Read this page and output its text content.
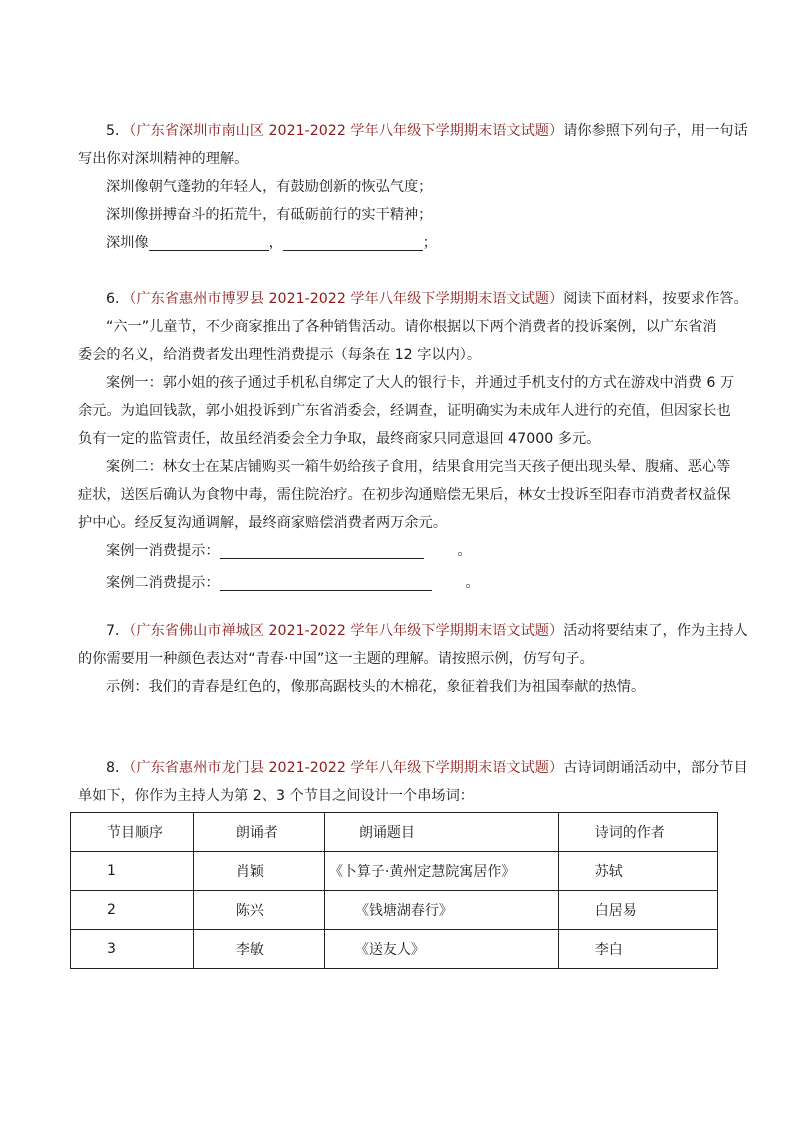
5．（广东省深圳市南山区 2021-2022 学年八年级下学期期末语文试题）请你参照下列句子，用一句话
写出你对深圳精神的理解。
深圳像朝气蓬勃的年轻人，有鼓励创新的恢弘气度；
深圳像拼搏奋斗的拓荒牛，有砥砺前行的实干精神；
深圳像	，	；
6．（广东省惠州市博罗县 2021-2022 学年八年级下学期期末语文试题）阅读下面材料，按要求作答。
“六一”儿童节，不少商家推出了各种销售活动。请你根据以下两个消费者的投诉案例，以广东省消
委会的名义，给消费者发出理性消费提示（每条在 12 字以内）。
案例一：郭小姐的孩子通过手机私自绑定了大人的银行卡，并通过手机支付的方式在游戏中消费 6 万
余元。为追回钱款，郭小姐投诉到广东省消委会，经调查，证明确实为未成年人进行的充值，但因家长也
负有一定的监管责任，故虽经消委会全力争取，最终商家只同意退回 47000 多元。
案例二：林女士在某店铺购买一箱牛奶给孩子食用，结果食用完当天孩子便出现头晕、腹痛、恶心等
症状，送医后确认为食物中毒，需住院治疗。在初步沟通赔偿无果后，林女士投诉至阳春市消费者权益保
护中心。经反复沟通调解，最终商家赔偿消费者两万余元。
案例一消费提示：	。
案例二消费提示：	。
7．（广东省佛山市禅城区 2021-2022 学年八年级下学期期末语文试题）活动将要结束了，作为主持人
的你需要用一种颜色表达对“青春·中国”这一主题的理解。请按照示例，仿写句子。
示例：我们的青春是红色的，像那高踞枝头的木棉花，象征着我们为祖国奉献的热情。
8．（广东省惠州市龙门县 2021-2022 学年八年级下学期期末语文试题）古诗词朗诵活动中，部分节目
单如下，你作为主持人为第 2、3 个节目之间设计一个串场词：
节目顺序	朗诵者	朗诵题目	诗词的作者
1	肖颖	《卜算子·黄州定慧院寓居作》	苏轼
2	陈兴	《钱塘湖春行》	白居易
3	李敏	《送友人》	李白
